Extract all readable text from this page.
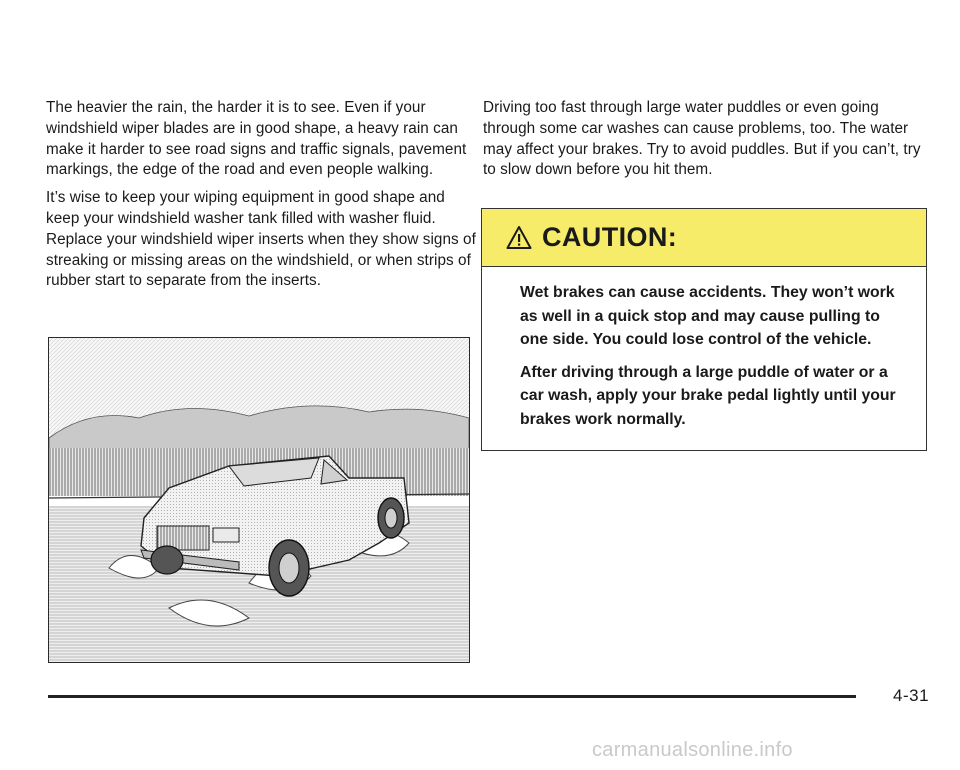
The heavier the rain, the harder it is to see. Even if your windshield wiper blades are in good shape, a heavy rain can make it harder to see road signs and traffic signals, pavement markings, the edge of the road and even people walking.

It’s wise to keep your wiping equipment in good shape and keep your windshield washer tank filled with washer fluid. Replace your windshield wiper inserts when they show signs of streaking or missing areas on the windshield, or when strips of rubber start to separate from the inserts.

Driving too fast through large water puddles or even going through some car washes can cause problems, too. The water may affect your brakes. Try to avoid puddles. But if you can’t, try to slow down before you hit them.

CAUTION:

Wet brakes can cause accidents. They won’t work as well in a quick stop and may cause pulling to one side. You could lose control of the vehicle.

After driving through a large puddle of water or a car wash, apply your brake pedal lightly until your brakes work normally.

4-31
carmanualsonline.info
